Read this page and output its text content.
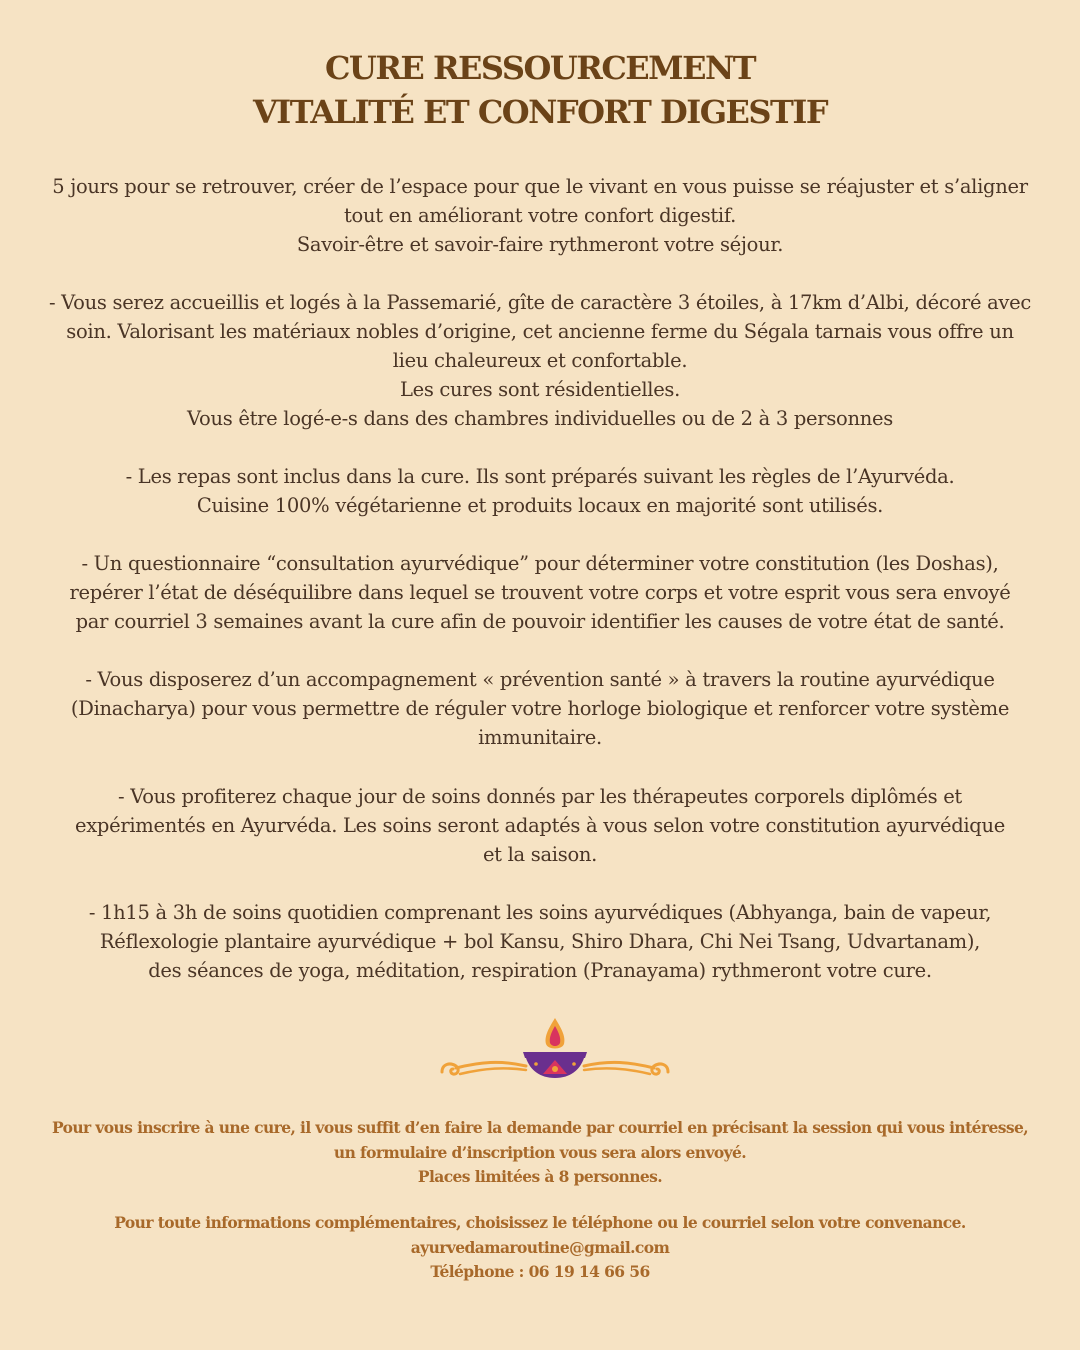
CURE RESSOURCEMENT
VITALITÉ ET CONFORT DIGESTIF
5 jours pour se retrouver, créer de l’espace pour que le vivant en vous puisse se réajuster et s’aligner
tout en améliorant votre confort digestif.
Savoir-être et savoir-faire rythmeront votre séjour.
- Vous serez accueillis et logés à la Passemarié, gîte de caractère 3 étoiles, à 17km d’Albi, décoré avec
soin. Valorisant les matériaux nobles d’origine, cet ancienne ferme du Ségala tarnais vous offre un
lieu chaleureux et confortable.
Les cures sont résidentielles.
Vous être logé-e-s dans des chambres individuelles ou de 2 à 3 personnes
- Les repas sont inclus dans la cure. Ils sont préparés suivant les règles de l’Ayurvéda.
Cuisine 100% végétarienne et produits locaux en majorité sont utilisés.
- Un questionnaire “consultation ayurvédique” pour déterminer votre constitution (les Doshas),
repérer l’état de déséquilibre dans lequel se trouvent votre corps et votre esprit vous sera envoyé
par courriel 3 semaines avant la cure afin de pouvoir identifier les causes de votre état de santé.
- Vous disposerez d’un accompagnement « prévention santé » à travers la routine ayurvédique
(Dinacharya) pour vous permettre de réguler votre horloge biologique et renforcer votre système
immunitaire.
- Vous profiterez chaque jour de soins donnés par les thérapeutes corporels diplômés et
expérimentés en Ayurvéda. Les soins seront adaptés à vous selon votre constitution ayurvédique
et la saison.
- 1h15 à 3h de soins quotidien comprenant les soins ayurvédiques (Abhyanga, bain de vapeur,
Réflexologie plantaire ayurvédique + bol Kansu, Shiro Dhara, Chi Nei Tsang, Udvartanam),
des séances de yoga, méditation, respiration (Pranayama) rythmeront votre cure.
Pour vous inscrire à une cure, il vous suffit d’en faire la demande par courriel en précisant la session qui vous intéresse,
un formulaire d’inscription vous sera alors envoyé.
Places limitées à 8 personnes.
Pour toute informations complémentaires, choisissez le téléphone ou le courriel selon votre convenance.
ayurvedamaroutine@gmail.com
Téléphone : 06 19 14 66 56
